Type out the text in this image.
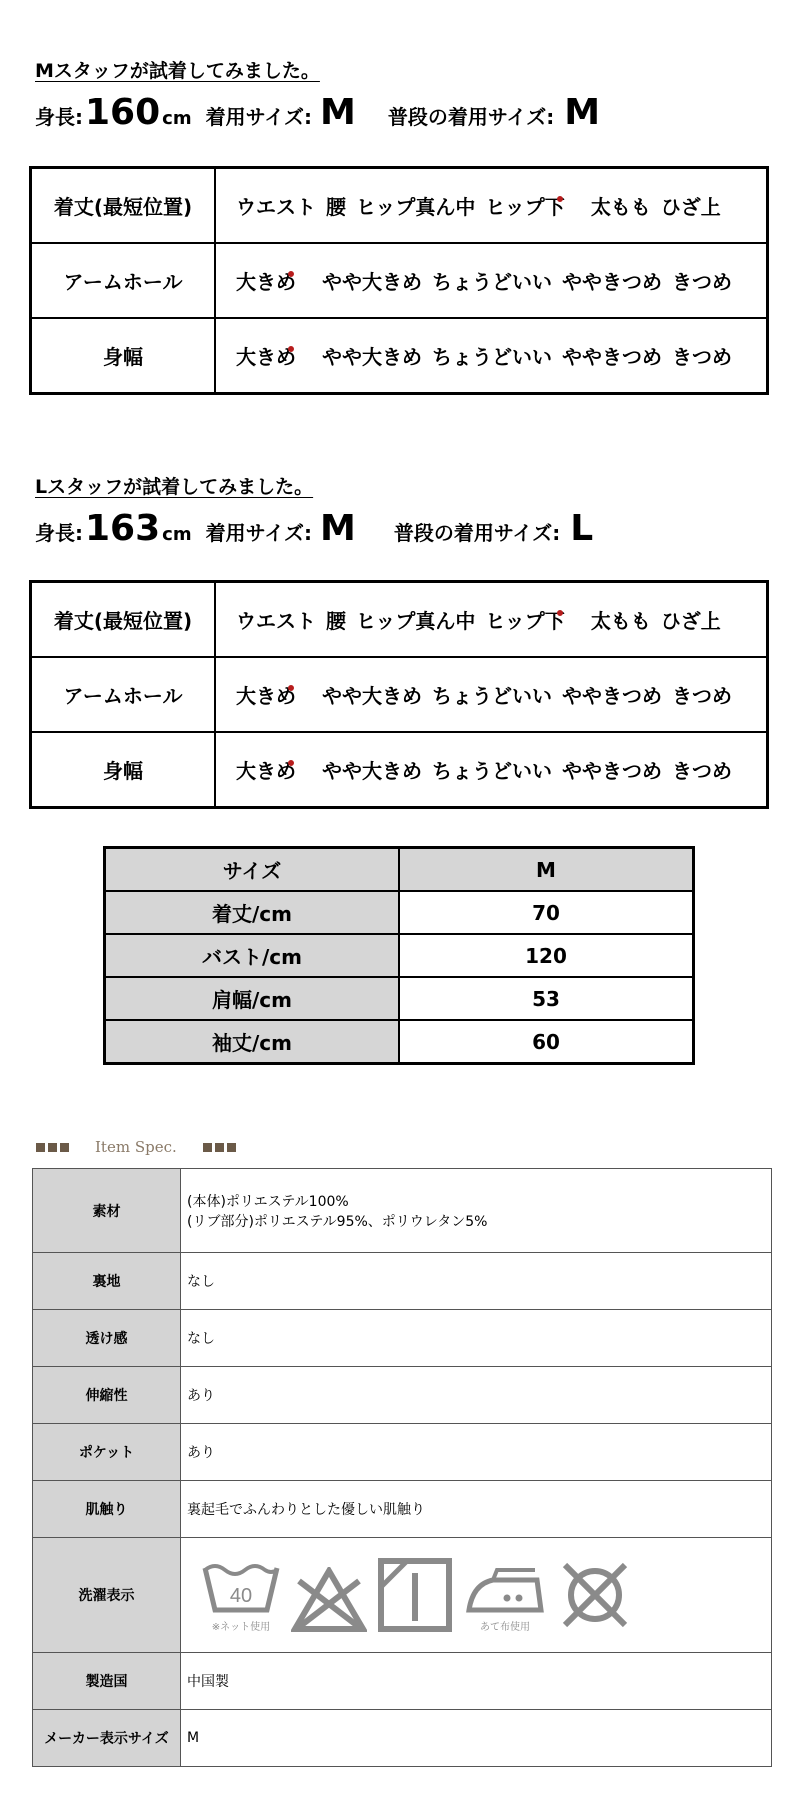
Mスタッフが試着してみました。
身長: 160 cm 着用サイズ: M 普段の着用サイズ: M
着丈(最短位置)	ウエスト 腰 ヒップ真ん中 ヒップ下 太もも ひざ上
アームホール	大きめ やや大きめ ちょうどいい ややきつめ きつめ
身幅	大きめ やや大きめ ちょうどいい ややきつめ きつめ
Lスタッフが試着してみました。
身長: 163 cm 着用サイズ: M 普段の着用サイズ: L
着丈(最短位置)	ウエスト 腰 ヒップ真ん中 ヒップ下 太もも ひざ上
アームホール	大きめ やや大きめ ちょうどいい ややきつめ きつめ
身幅	大きめ やや大きめ ちょうどいい ややきつめ きつめ
サイズ	M
着丈/cm	70
バスト/cm	120
肩幅/cm	53
袖丈/cm	60
Item Spec.
素材	(本体)ポリエステル100%
(リブ部分)ポリエステル95%、ポリウレタン5%

裏地	なし

透け感	なし

伸縮性	あり

ポケット	あり

肌触り	裏起毛でふんわりとした優しい肌触り

洗濯表示	40
※ネット使用 あて布使用

製造国	中国製

メーカー表示サイズ	M
